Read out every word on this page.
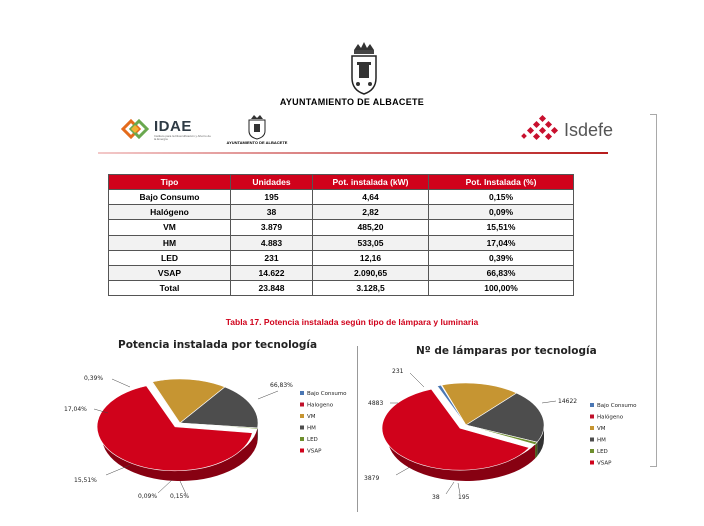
AYUNTAMIENTO DE ALBACETE
IDAE
Instituto para la Diversificación y Ahorro de la Energía
AYUNTAMIENTO DE ALBACETE
Isdefe
Tipo	Unidades	Pot. instalada (kW)	Pot. Instalada (%)
Bajo Consumo	195	4,64	0,15%
Halógeno	38	2,82	0,09%
VM	3.879	485,20	15,51%
HM	4.883	533,05	17,04%
LED	231	12,16	0,39%
VSAP	14.622	2.090,65	66,83%
Total	23.848	3.128,5	100,00%
Tabla 17. Potencia instalada según tipo de lámpara y luminaria
Potencia instalada por tecnología	Nº de lámparas por tecnología
0,15%
0,09%
15,51%
17,04%
0,39%
66,83%
Bajo Consumo
Halogeno
VM
HM
LED
VSAP
195
38
3879
4883
231
14622
Bajo Consumo
Halógeno
VM
HM
LED
VSAP
